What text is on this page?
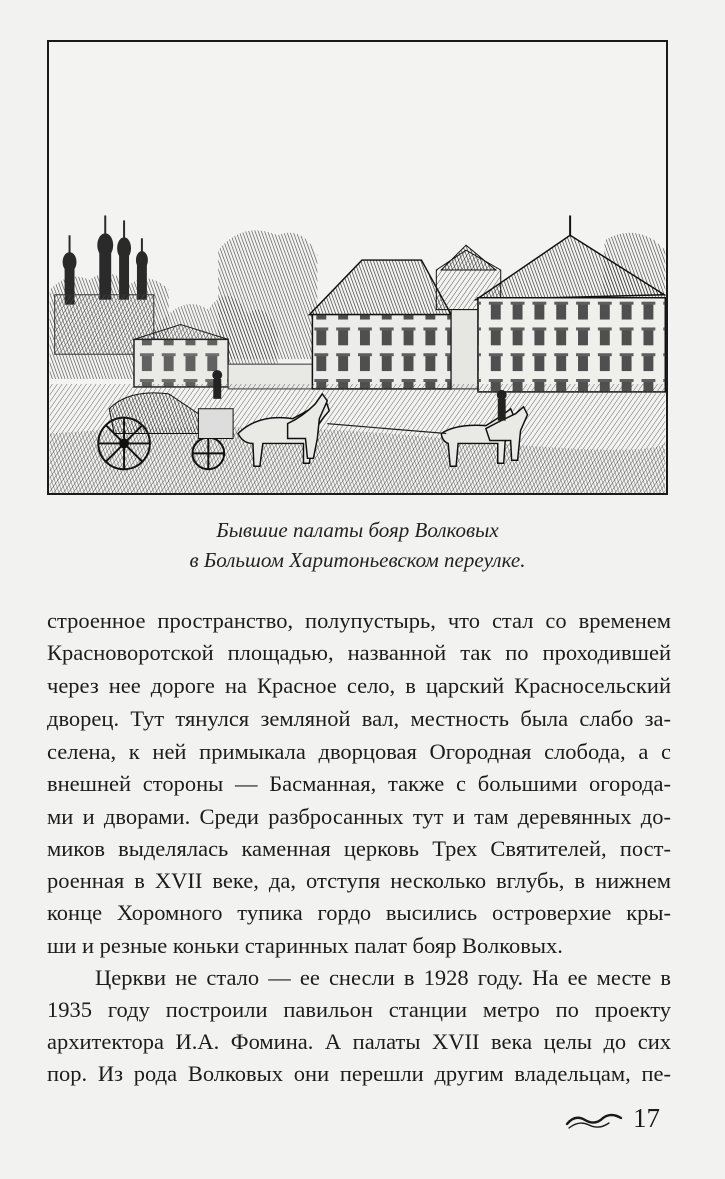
Бывшие палаты бояр Волковых
в Большом Харитоньевском переулке.
строенное пространство, полупустырь, что стал со временем
Красноворотской площадью, названной так по проходившей
через нее дороге на Красное село, в царский Красносельский
дворец. Тут тянулся земляной вал, местность была слабо за-
селена, к ней примыкала дворцовая Огородная слобода, а с
внешней стороны — Басманная, также с большими огорода-
ми и дворами. Среди разбросанных тут и там деревянных до-
миков выделялась каменная церковь Трех Святителей, пост-
роенная в XVII веке, да, отступя несколько вглубь, в нижнем
конце Хоромного тупика гордо высились островерхие кры-
ши и резные коньки старинных палат бояр Волковых.
Церкви не стало — ее снесли в 1928 году. На ее месте в
1935 году построили павильон станции метро по проекту
архитектора И.А. Фомина. А палаты XVII века целы до сих
пор. Из рода Волковых они перешли другим владельцам, пе-
17
